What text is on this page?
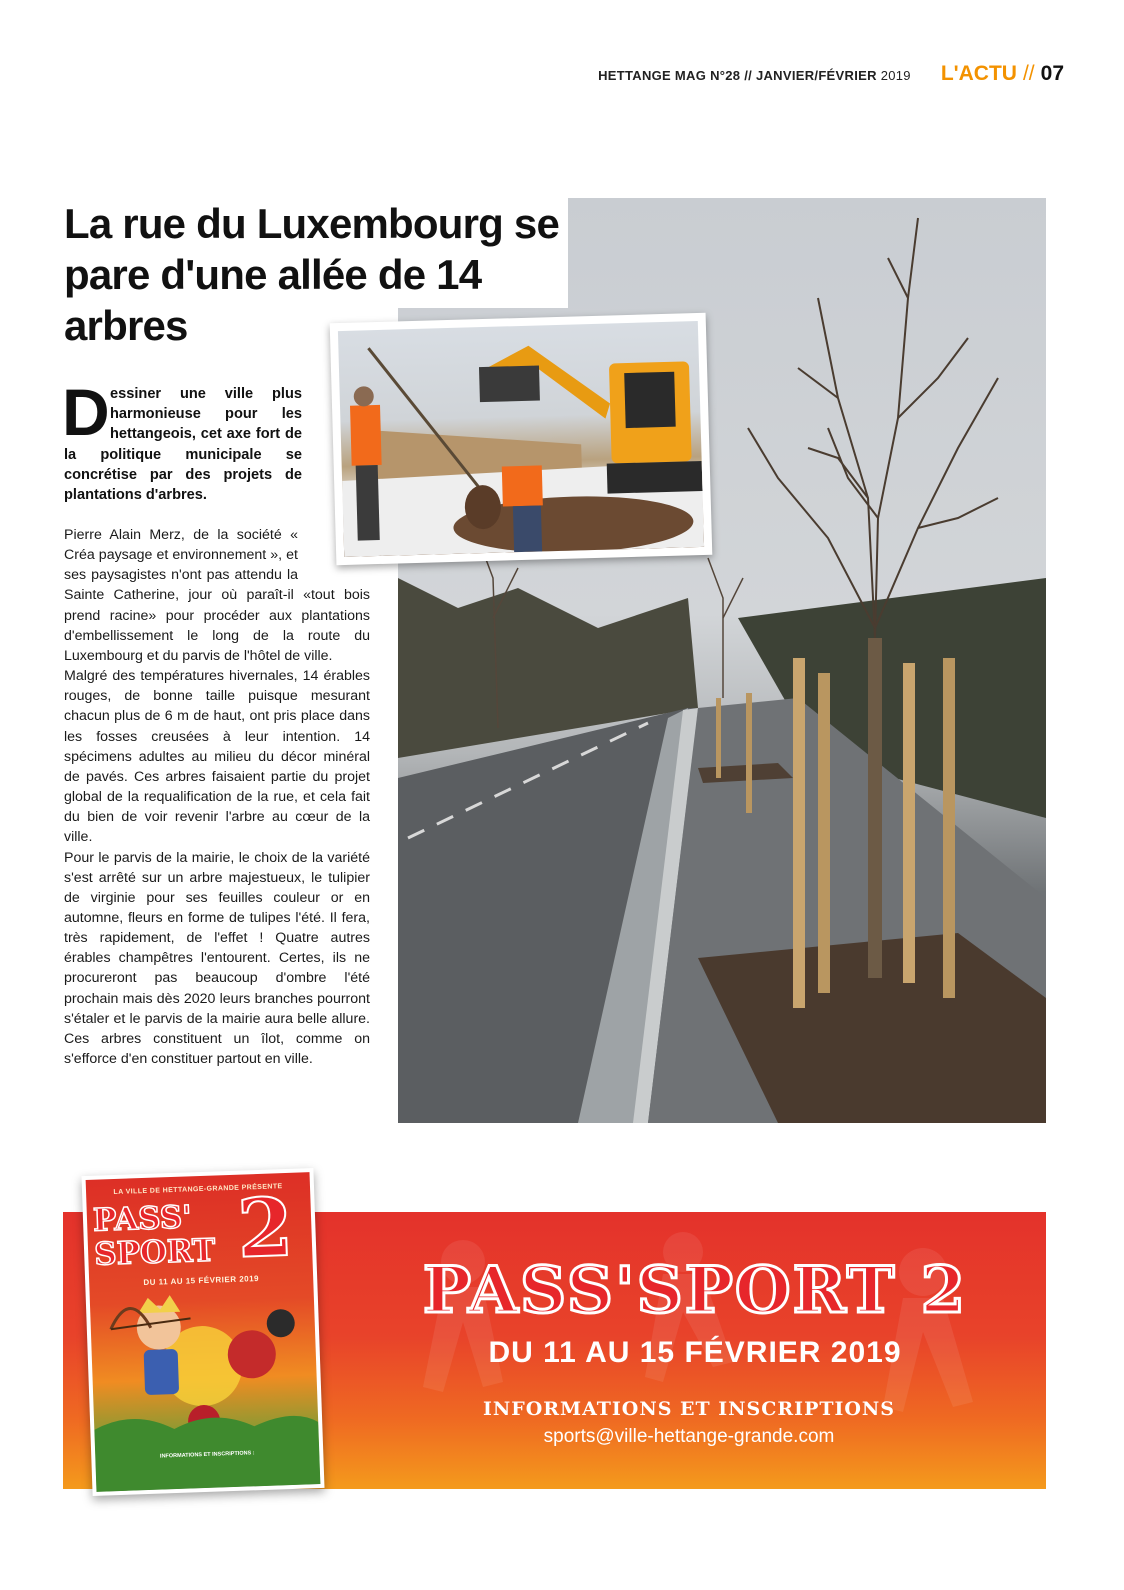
HETTANGE MAG N°28 // JANVIER/FÉVRIER 2019 L'ACTU // 07
La rue du Luxembourg se pare d'une allée de 14 arbres
D essiner une ville plus harmonieuse pour les hettangeois, cet axe fort de la politique municipale se concrétise par des projets de plantations d'arbres.

Pierre Alain Merz, de la société « Créa paysage et environnement », et ses paysagistes n'ont pas attendu la Sainte Catherine, jour où paraît-il «tout bois prend racine» pour procéder aux plantations d'embellissement le long de la route du Luxembourg et du parvis de l'hôtel de ville.

Malgré des températures hivernales, 14 érables rouges, de bonne taille puisque mesurant chacun plus de 6 m de haut, ont pris place dans les fosses creusées à leur intention. 14 spécimens adultes au milieu du décor minéral de pavés. Ces arbres faisaient partie du projet global de la requalification de la rue, et cela fait du bien de voir revenir l'arbre au cœur de la ville.

Pour le parvis de la mairie, le choix de la variété s'est arrêté sur un arbre majestueux, le tulipier de virginie pour ses feuilles couleur or en automne, fleurs en forme de tulipes l'été. Il fera, très rapidement, de l'effet ! Quatre autres érables champêtres l'entourent. Certes, ils ne procureront pas beaucoup d'ombre l'été prochain mais dès 2020 leurs branches pourront s'étaler et le parvis de la mairie aura belle allure. Ces arbres constituent un îlot, comme on s'efforce d'en constituer partout en ville.

PASS'SPORT 2
DU 11 AU 15 FÉVRIER 2019
INFORMATIONS ET INSCRIPTIONS
sports@ville-hettange-grande.com
LA VILLE DE HETTANGE-GRANDE PRÉSENTE
PASS' SPORT 2
DU 11 AU 15 FÉVRIER 2019
INFORMATIONS ET INSCRIPTIONS :
